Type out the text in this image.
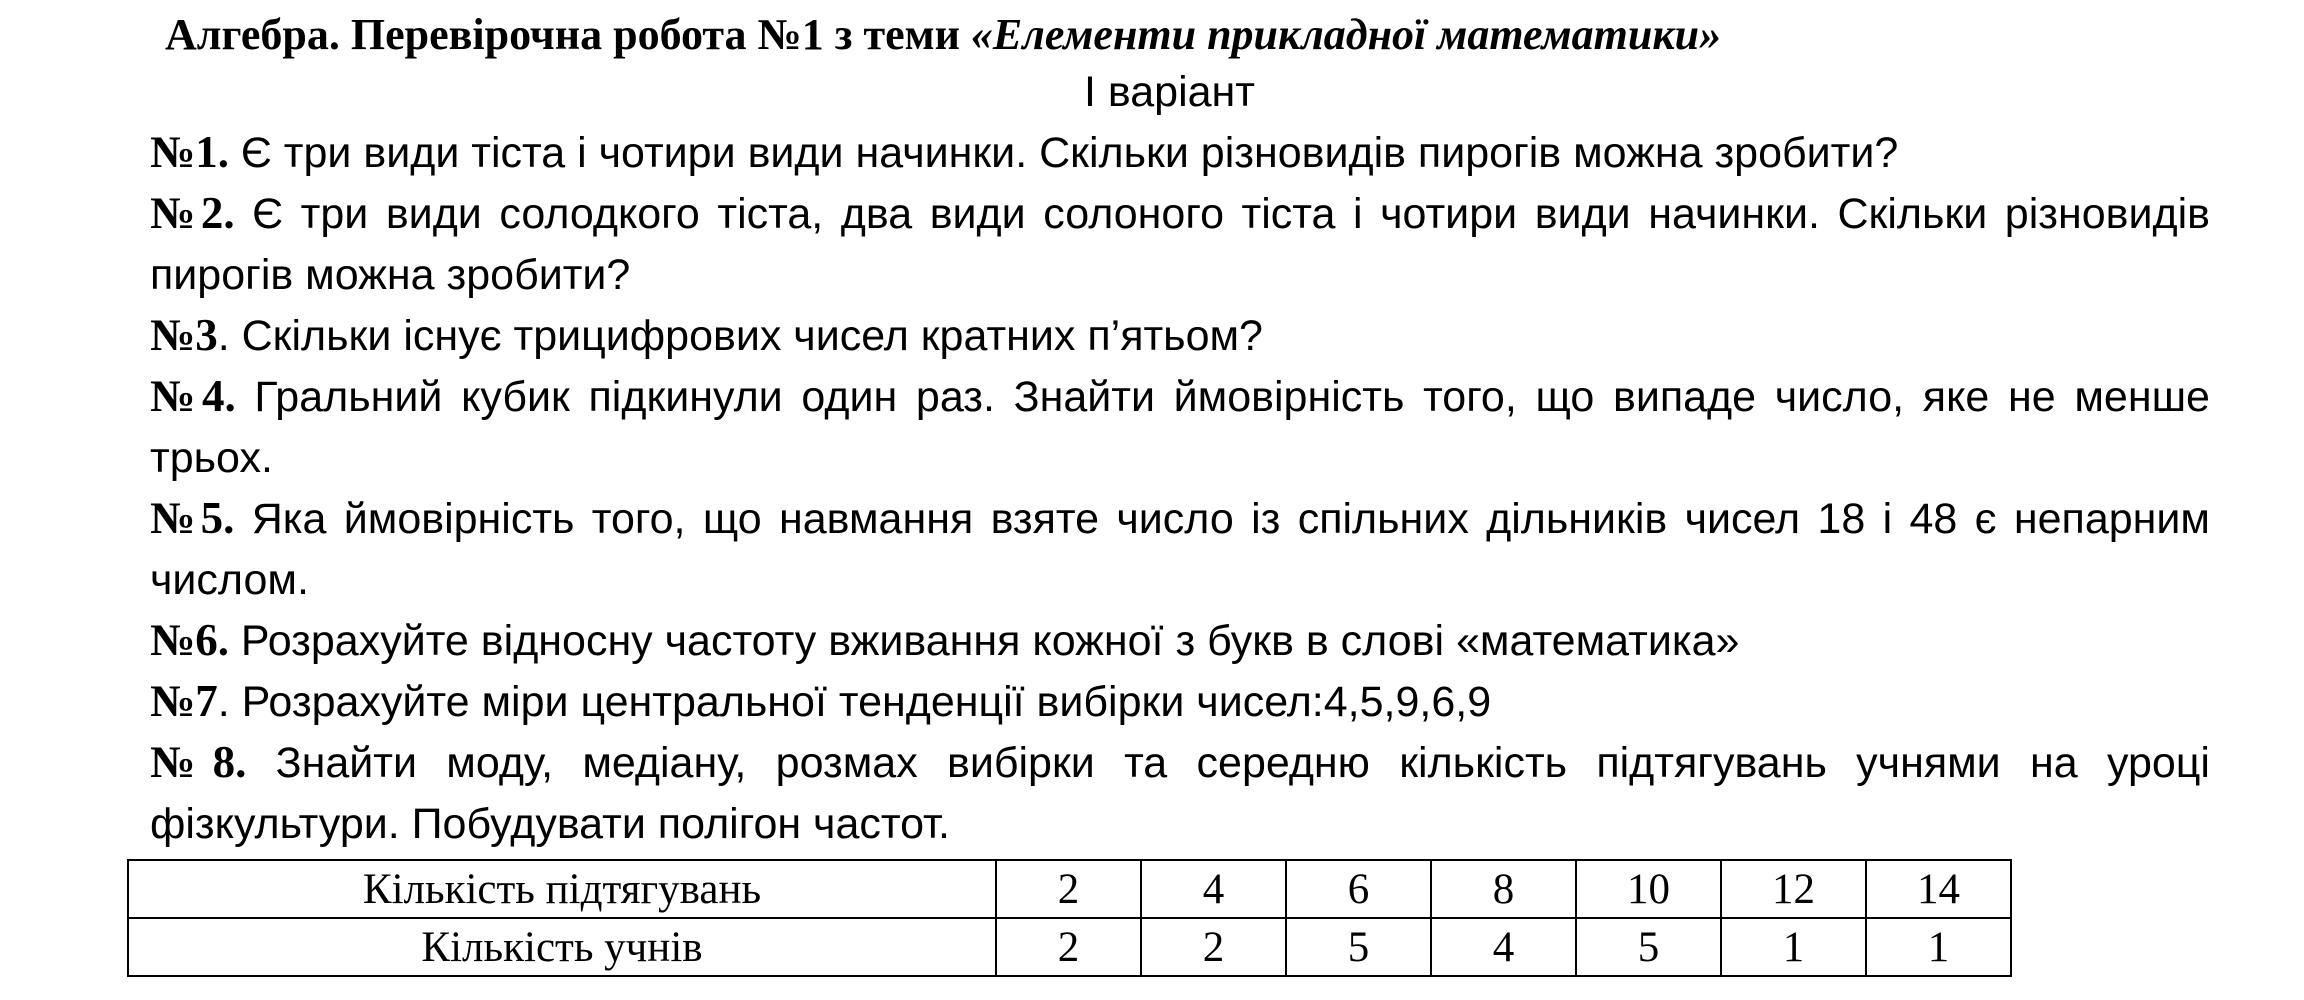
Алгебра. Перевірочна робота №1 з теми «Елементи прикладної математики»
І варіант
№1. Є три види тіста і чотири види начинки. Скільки різновидів пирогів можна зробити?
№2. Є три види солодкого тіста, два види солоного тіста і чотири види начинки. Скільки різновидів пирогів можна зробити?
№3. Скільки існує трицифрових чисел кратних п’ятьом?
№4. Гральний кубик підкинули один раз. Знайти ймовірність того, що випаде число, яке не менше трьох.
№5. Яка ймовірність того, що навмання взяте число із спільних дільників чисел 18 і 48 є непарним числом.
№6. Розрахуйте відносну частоту вживання кожної з букв в слові «математика»
№7. Розрахуйте міри центральної тенденції вибірки чисел:4,5,9,6,9
№8. Знайти моду, медіану, розмах вибірки та середню кількість підтягувань учнями на уроці фізкультури. Побудувати полігон частот.
Кількість підтягувань	2	4	6	8	10	12	14
Кількість учнів	2	2	5	4	5	1	1
